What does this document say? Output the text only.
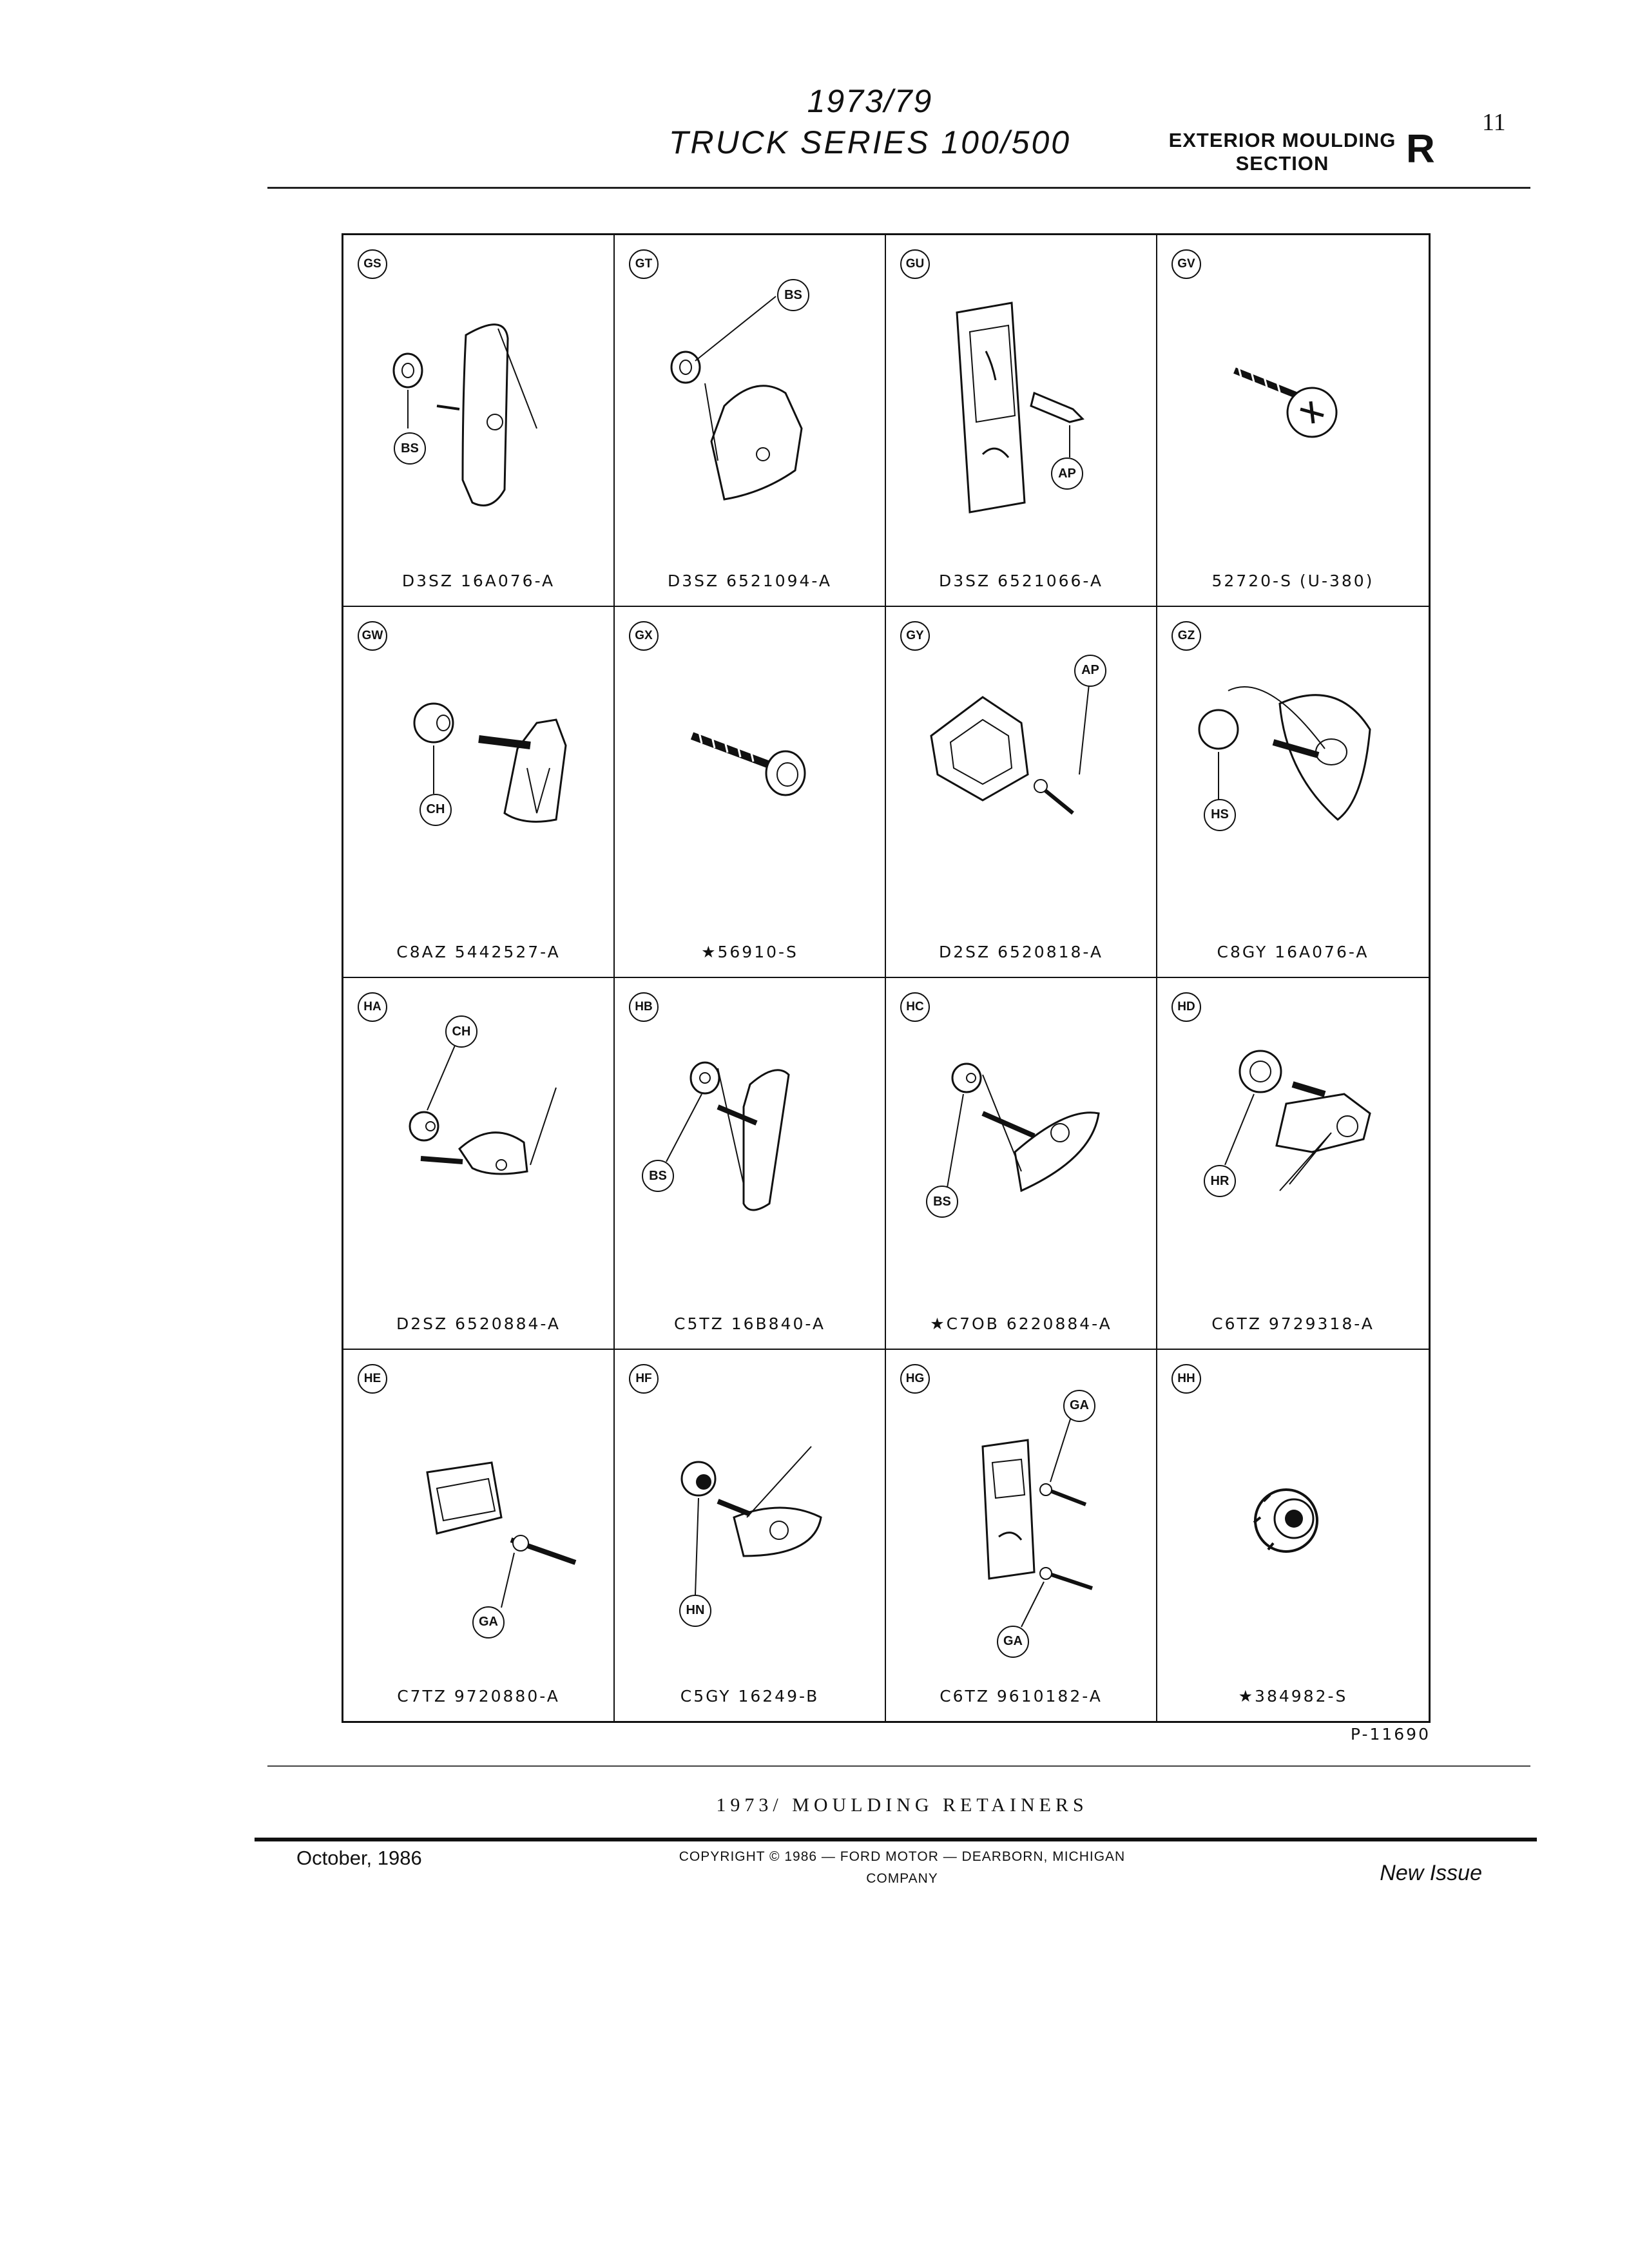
1973/79
TRUCK SERIES 100/500	EXTERIOR MOULDING
SECTION	R
11
GS
BS
D3SZ 16A076-A
GT
BS
D3SZ 6521094-A
GU
AP
D3SZ 6521066-A
GV
52720-S (U-380)
GW
CH
C8AZ 5442527-A
GX
★56910-S
GY
AP
D2SZ 6520818-A
GZ
HS
C8GY 16A076-A
HA
CH
D2SZ 6520884-A
HB
BS
C5TZ 16B840-A
HC
BS
★C7OB 6220884-A
HD
HR
C6TZ 9729318-A
HE
GA
C7TZ 9720880-A
HF
HN
C5GY 16249-B
HG
GA
GA
C6TZ 9610182-A
HH
★384982-S
P-11690
1973/ MOULDING RETAINERS
October, 1986	COPYRIGHT © 1986 — FORD MOTOR — DEARBORN, MICHIGAN
COMPANY	New Issue
